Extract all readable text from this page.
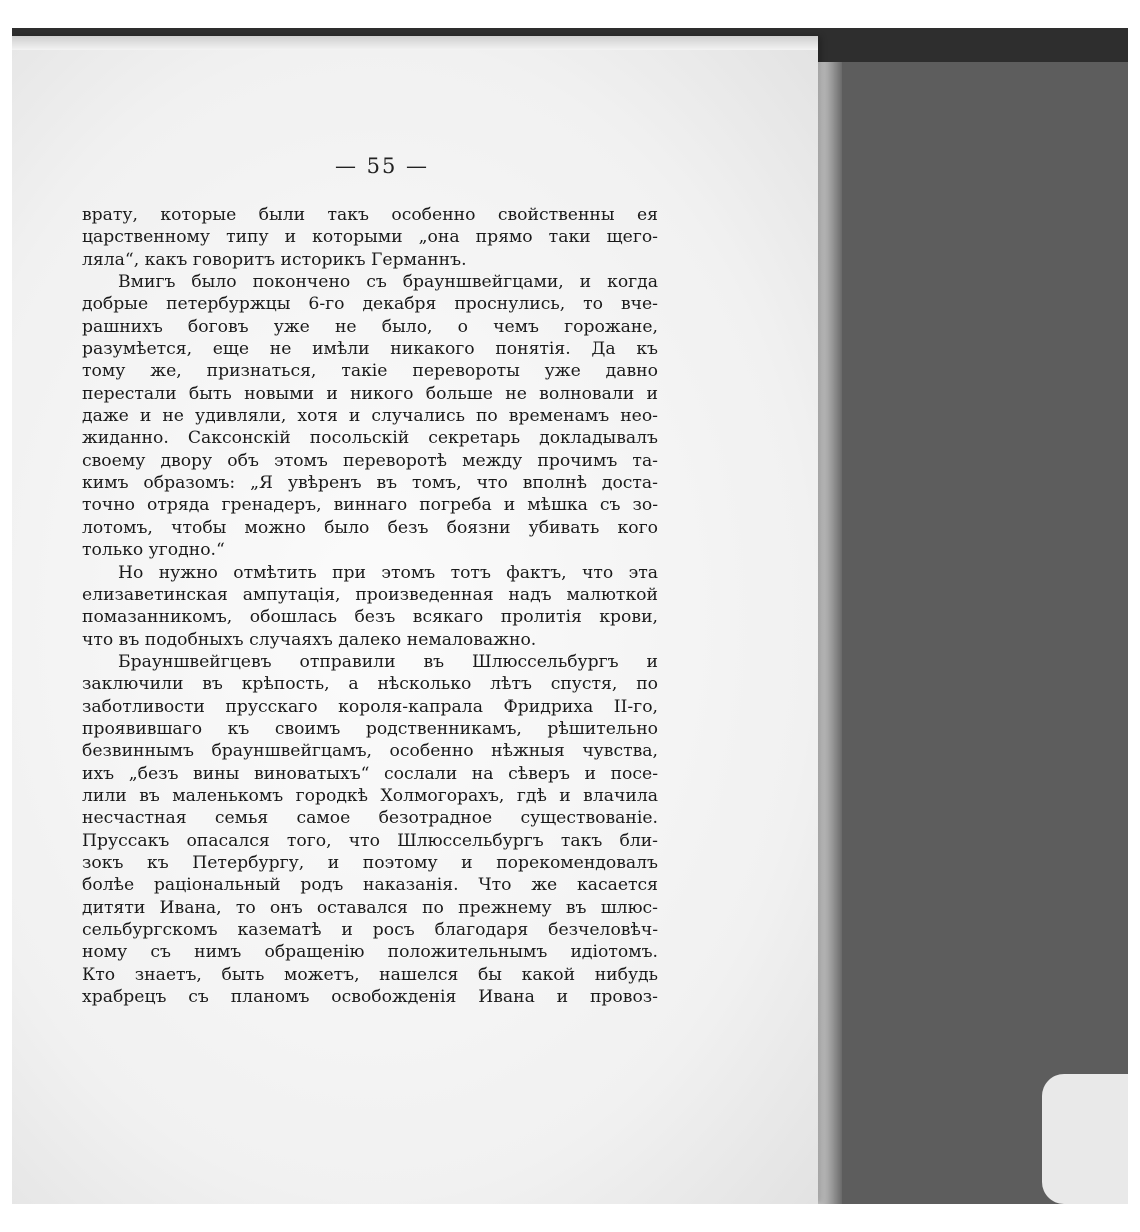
— 55 —
врату, которые были такъ особенно свойственны ея
царственному типу и которыми „она прямо таки щего-
ляла“, какъ говоритъ историкъ Германнъ.
Вмигъ было покончено съ брауншвейгцами, и когда
добрые петербуржцы 6-го декабря проснулись, то вче-
рашнихъ боговъ уже не было, о чемъ горожане,
разумѣется, еще не имѣли никакого понятія. Да къ
тому же, признаться, такіе перевороты уже давно
перестали быть новыми и никого больше не волновали и
даже и не удивляли, хотя и случались по временамъ нео-
жиданно. Саксонскій посольскій секретарь докладывалъ
своему двору объ этомъ переворотѣ между прочимъ та-
кимъ образомъ: „Я увѣренъ въ томъ, что вполнѣ доста-
точно отряда гренадеръ, виннаго погреба и мѣшка съ зо-
лотомъ, чтобы можно было безъ боязни убивать кого
только угодно.“
Но нужно отмѣтить при этомъ тотъ фактъ, что эта
елизаветинская ампутація, произведенная надъ малюткой
помазанникомъ, обошлась безъ всякаго пролитія крови,
что въ подобныхъ случаяхъ далеко немаловажно.
Брауншвейгцевъ отправили въ Шлюссельбургъ и
заключили въ крѣпость, а нѣсколько лѣтъ спустя, по
заботливости прусскаго короля-капрала Фридриха ІІ-го,
проявившаго къ своимъ родственникамъ, рѣшительно
безвиннымъ брауншвейгцамъ, особенно нѣжныя чувства,
ихъ „безъ вины виноватыхъ“ сослали на сѣверъ и посе-
лили въ маленькомъ городкѣ Холмогорахъ, гдѣ и влачила
несчастная семья самое безотрадное существованіе.
Пруссакъ опасался того, что Шлюссельбургъ такъ бли-
зокъ къ Петербургу, и поэтому и порекомендовалъ
болѣе раціональный родъ наказанія. Что же касается
дитяти Ивана, то онъ оставался по прежнему въ шлюс-
сельбургскомъ казематѣ и росъ благодаря безчеловѣч-
ному съ нимъ обращенію положительнымъ идіотомъ.
Кто знаетъ, быть можетъ, нашелся бы какой нибудь
храбрецъ съ планомъ освобожденія Ивана и провоз-
